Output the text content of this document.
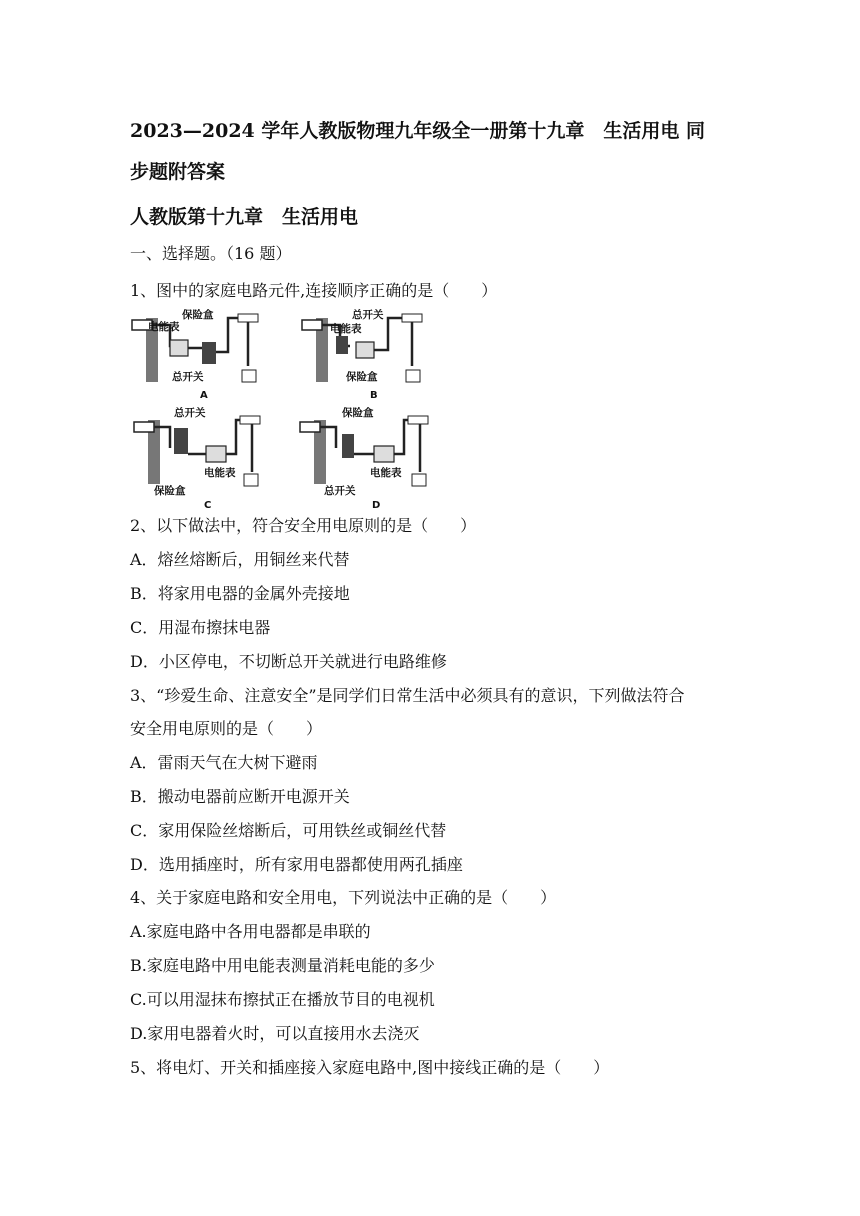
2023—2024 学年人教版物理九年级全一册第十九章　生活用电 同
步题附答案
人教版第十九章　生活用电
一、选择题。（16 题）
1、图中的家庭电路元件,连接顺序正确的是（　　）
保险盒
电能表
总开关
A
总开关
电能表
保险盒
B
总开关
电能表
保险盒
C
保险盒
电能表
总开关
D
2、以下做法中，符合安全用电原则的是（　　）
A．熔丝熔断后，用铜丝来代替
B．将家用电器的金属外壳接地
C．用湿布擦抹电器
D．小区停电，不切断总开关就进行电路维修
3、“珍爱生命、注意安全”是同学们日常生活中必须具有的意识，下列做法符合
安全用电原则的是（　　）
A．雷雨天气在大树下避雨
B．搬动电器前应断开电源开关
C．家用保险丝熔断后，可用铁丝或铜丝代替
D．选用插座时，所有家用电器都使用两孔插座
4、关于家庭电路和安全用电，下列说法中正确的是（　　）
A.家庭电路中各用电器都是串联的
B.家庭电路中用电能表测量消耗电能的多少
C.可以用湿抹布擦拭正在播放节目的电视机
D.家用电器着火时，可以直接用水去浇灭
5、将电灯、开关和插座接入家庭电路中,图中接线正确的是（　　）
